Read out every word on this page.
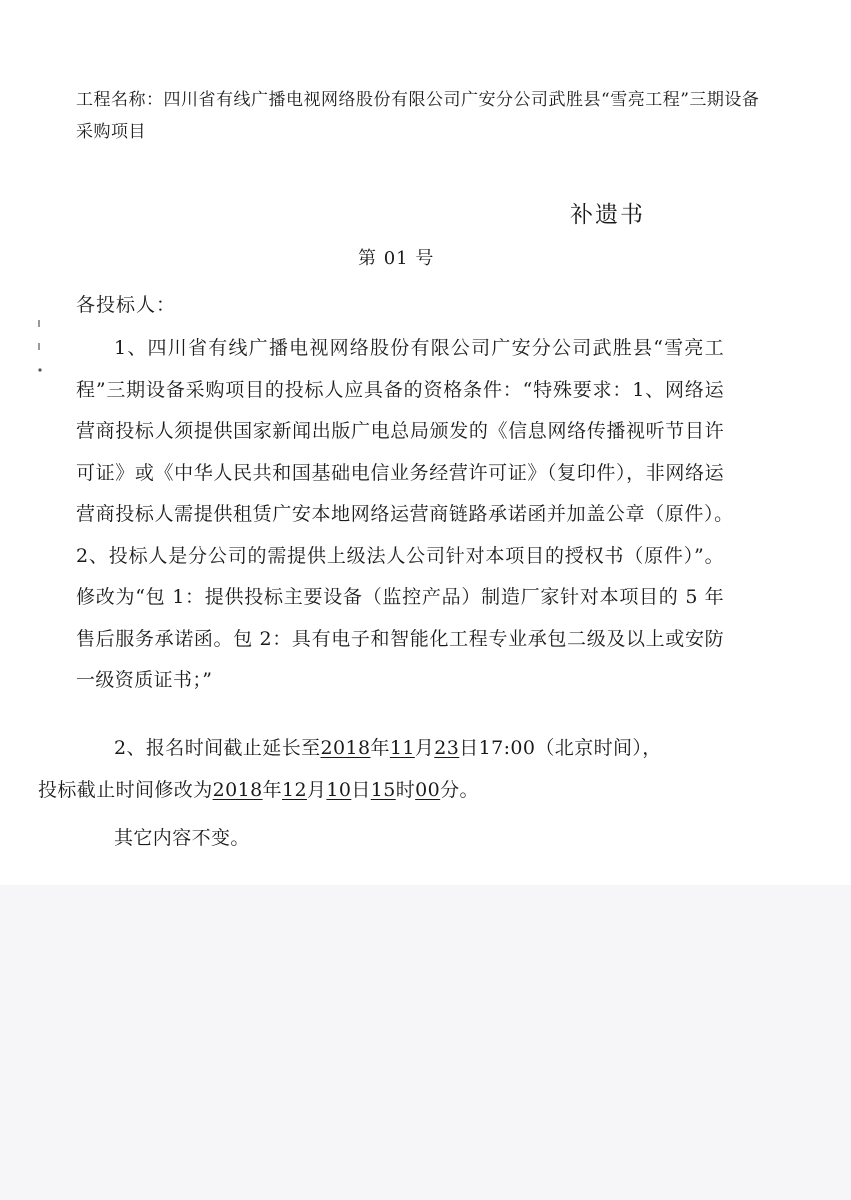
工程名称：四川省有线广播电视网络股份有限公司广安分公司武胜县“雪亮工程”三期设备采购项目
补遗书
第 01 号
各投标人：
1、四川省有线广播电视网络股份有限公司广安分公司武胜县“雪亮工程”三期设备采购项目的投标人应具备的资格条件：“特殊要求：1、网络运营商投标人须提供国家新闻出版广电总局颁发的《信息网络传播视听节目许可证》或《中华人民共和国基础电信业务经营许可证》（复印件），非网络运营商投标人需提供租赁广安本地网络运营商链路承诺函并加盖公章（原件）。　2、投标人是分公司的需提供上级法人公司针对本项目的授权书（原件）”。修改为“包 1：提供投标主要设备（监控产品）制造厂家针对本项目的 5 年售后服务承诺函。包 2：具有电子和智能化工程专业承包二级及以上或安防一级资质证书；”
2、报名时间截止延长至2018年11月23日17:00（北京时间），
投标截止时间修改为2018年12月10日15时00分。
其它内容不变。
